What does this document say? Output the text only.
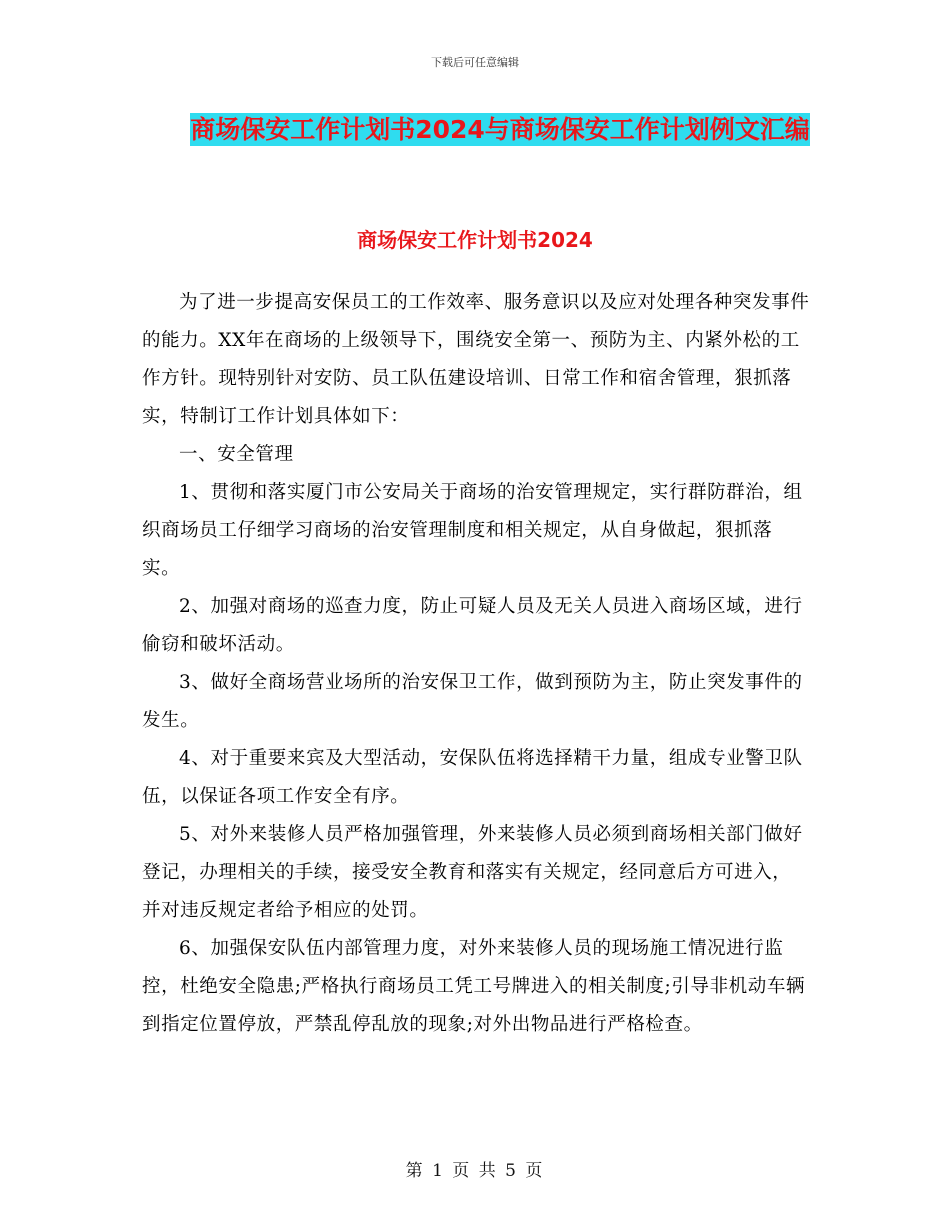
下载后可任意编辑
商场保安工作计划书2024与商场保安工作计划例文汇编
商场保安工作计划书2024

为了进一步提高安保员工的工作效率、服务意识以及应对处理各种突发事件的能力。XX年在商场的上级领导下，围绕安全第一、预防为主、内紧外松的工作方针。现特别针对安防、员工队伍建设培训、日常工作和宿舍管理，狠抓落实，特制订工作计划具体如下：

一、安全管理

1、贯彻和落实厦门市公安局关于商场的治安管理规定，实行群防群治，组织商场员工仔细学习商场的治安管理制度和相关规定，从自身做起，狠抓落实。

2、加强对商场的巡查力度，防止可疑人员及无关人员进入商场区域，进行偷窃和破坏活动。

3、做好全商场营业场所的治安保卫工作，做到预防为主，防止突发事件的发生。

4、对于重要来宾及大型活动，安保队伍将选择精干力量，组成专业警卫队伍，以保证各项工作安全有序。

5、对外来装修人员严格加强管理，外来装修人员必须到商场相关部门做好登记，办理相关的手续，接受安全教育和落实有关规定，经同意后方可进入，并对违反规定者给予相应的处罚。

6、加强保安队伍内部管理力度，对外来装修人员的现场施工情况进行监控，杜绝安全隐患;严格执行商场员工凭工号牌进入的相关制度;引导非机动车辆到指定位置停放，严禁乱停乱放的现象;对外出物品进行严格检查。

第 1 页 共 5 页
